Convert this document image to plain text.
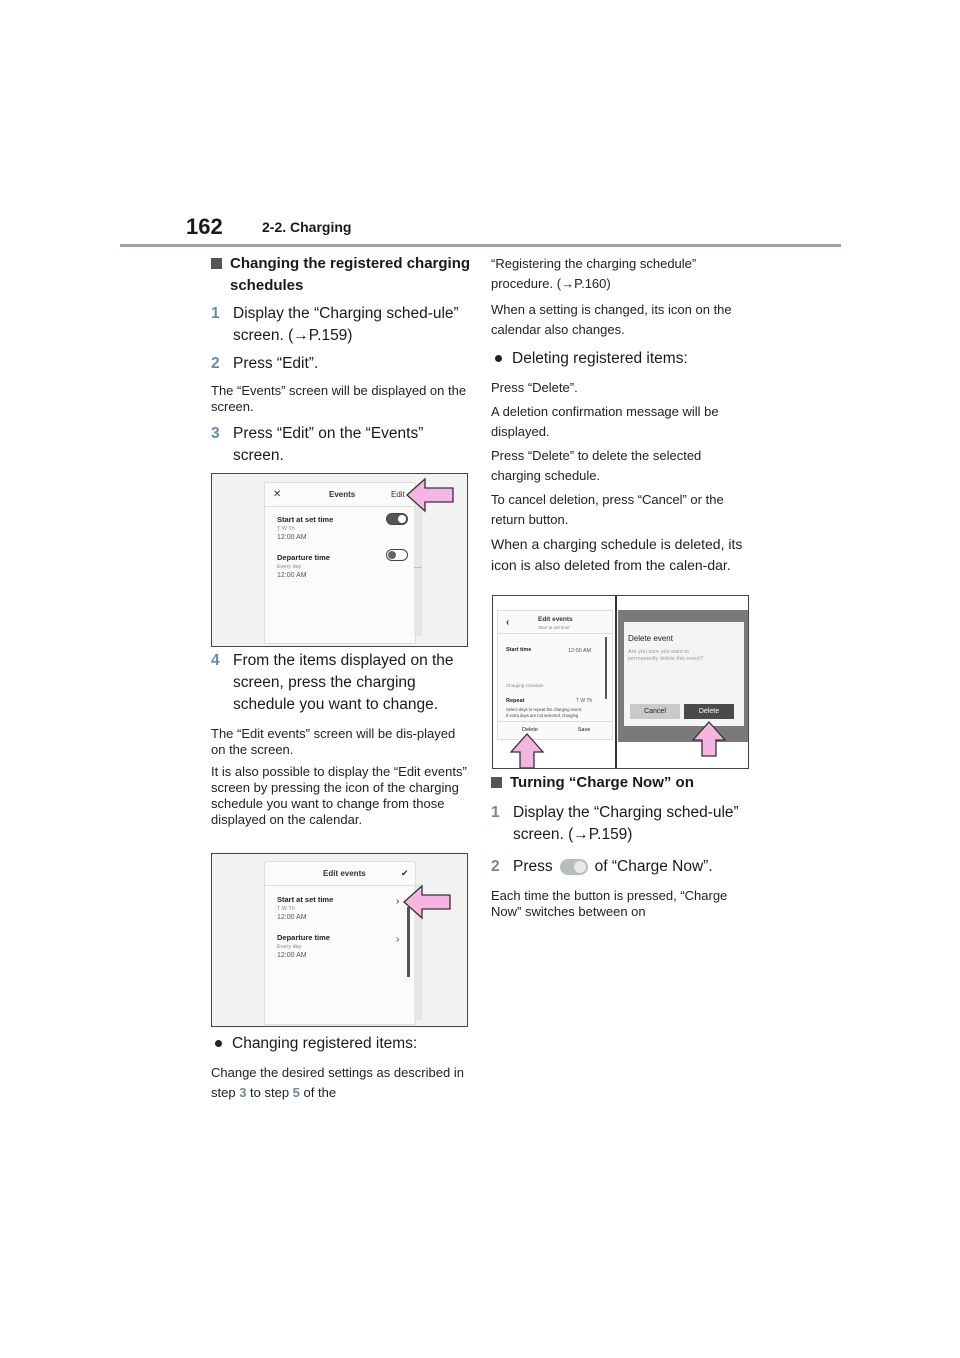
162	2-2. Charging
Changing the registered charging schedules
1 Display the “Charging sched-ule” screen. (→P.159)
2 Press “Edit”.
The “Events” screen will be displayed on the screen.
3 Press “Edit” on the “Events” screen.
✕	Events	Edit
Start at set time
T W Th
12:00 AM
Departure time
Every day
12:00 AM
4 From the items displayed on the screen, press the charging schedule you want to change.
The “Edit events” screen will be dis-played on the screen.
It is also possible to display the “Edit events” screen by pressing the icon of the charging schedule you want to change from those displayed on the calendar.
Edit events	✔
Start at set time
T W Th
12:00 AM
›
Departure time
Every day
12:00 AM
›
Changing registered items:
Change the desired settings as described in step 3 to step 5 of the
“Registering the charging schedule” procedure. (→P.160)
When a setting is changed, its icon on the calendar also changes.
Deleting registered items:
Press “Delete”.
A deletion confirmation message will be displayed.
Press “Delete” to delete the selected charging schedule.
To cancel deletion, press “Cancel” or the return button.
When a charging schedule is deleted, its icon is also deleted from the calen-dar.
‹	Edit events
Start at set time
Start time	12:00 AM
Charging schedule
Repeat	T W Th
Select days to repeat the charging event.
If extra days are not selected, charging
Delete	Save
Delete event
Are you sure you want to
permanently delete this event?
Cancel	Delete
Turning “Charge Now” on
1 Display the “Charging sched-ule” screen. (→P.159)
2 Press	of “Charge Now”.
Each time the button is pressed, “Charge Now” switches between on
